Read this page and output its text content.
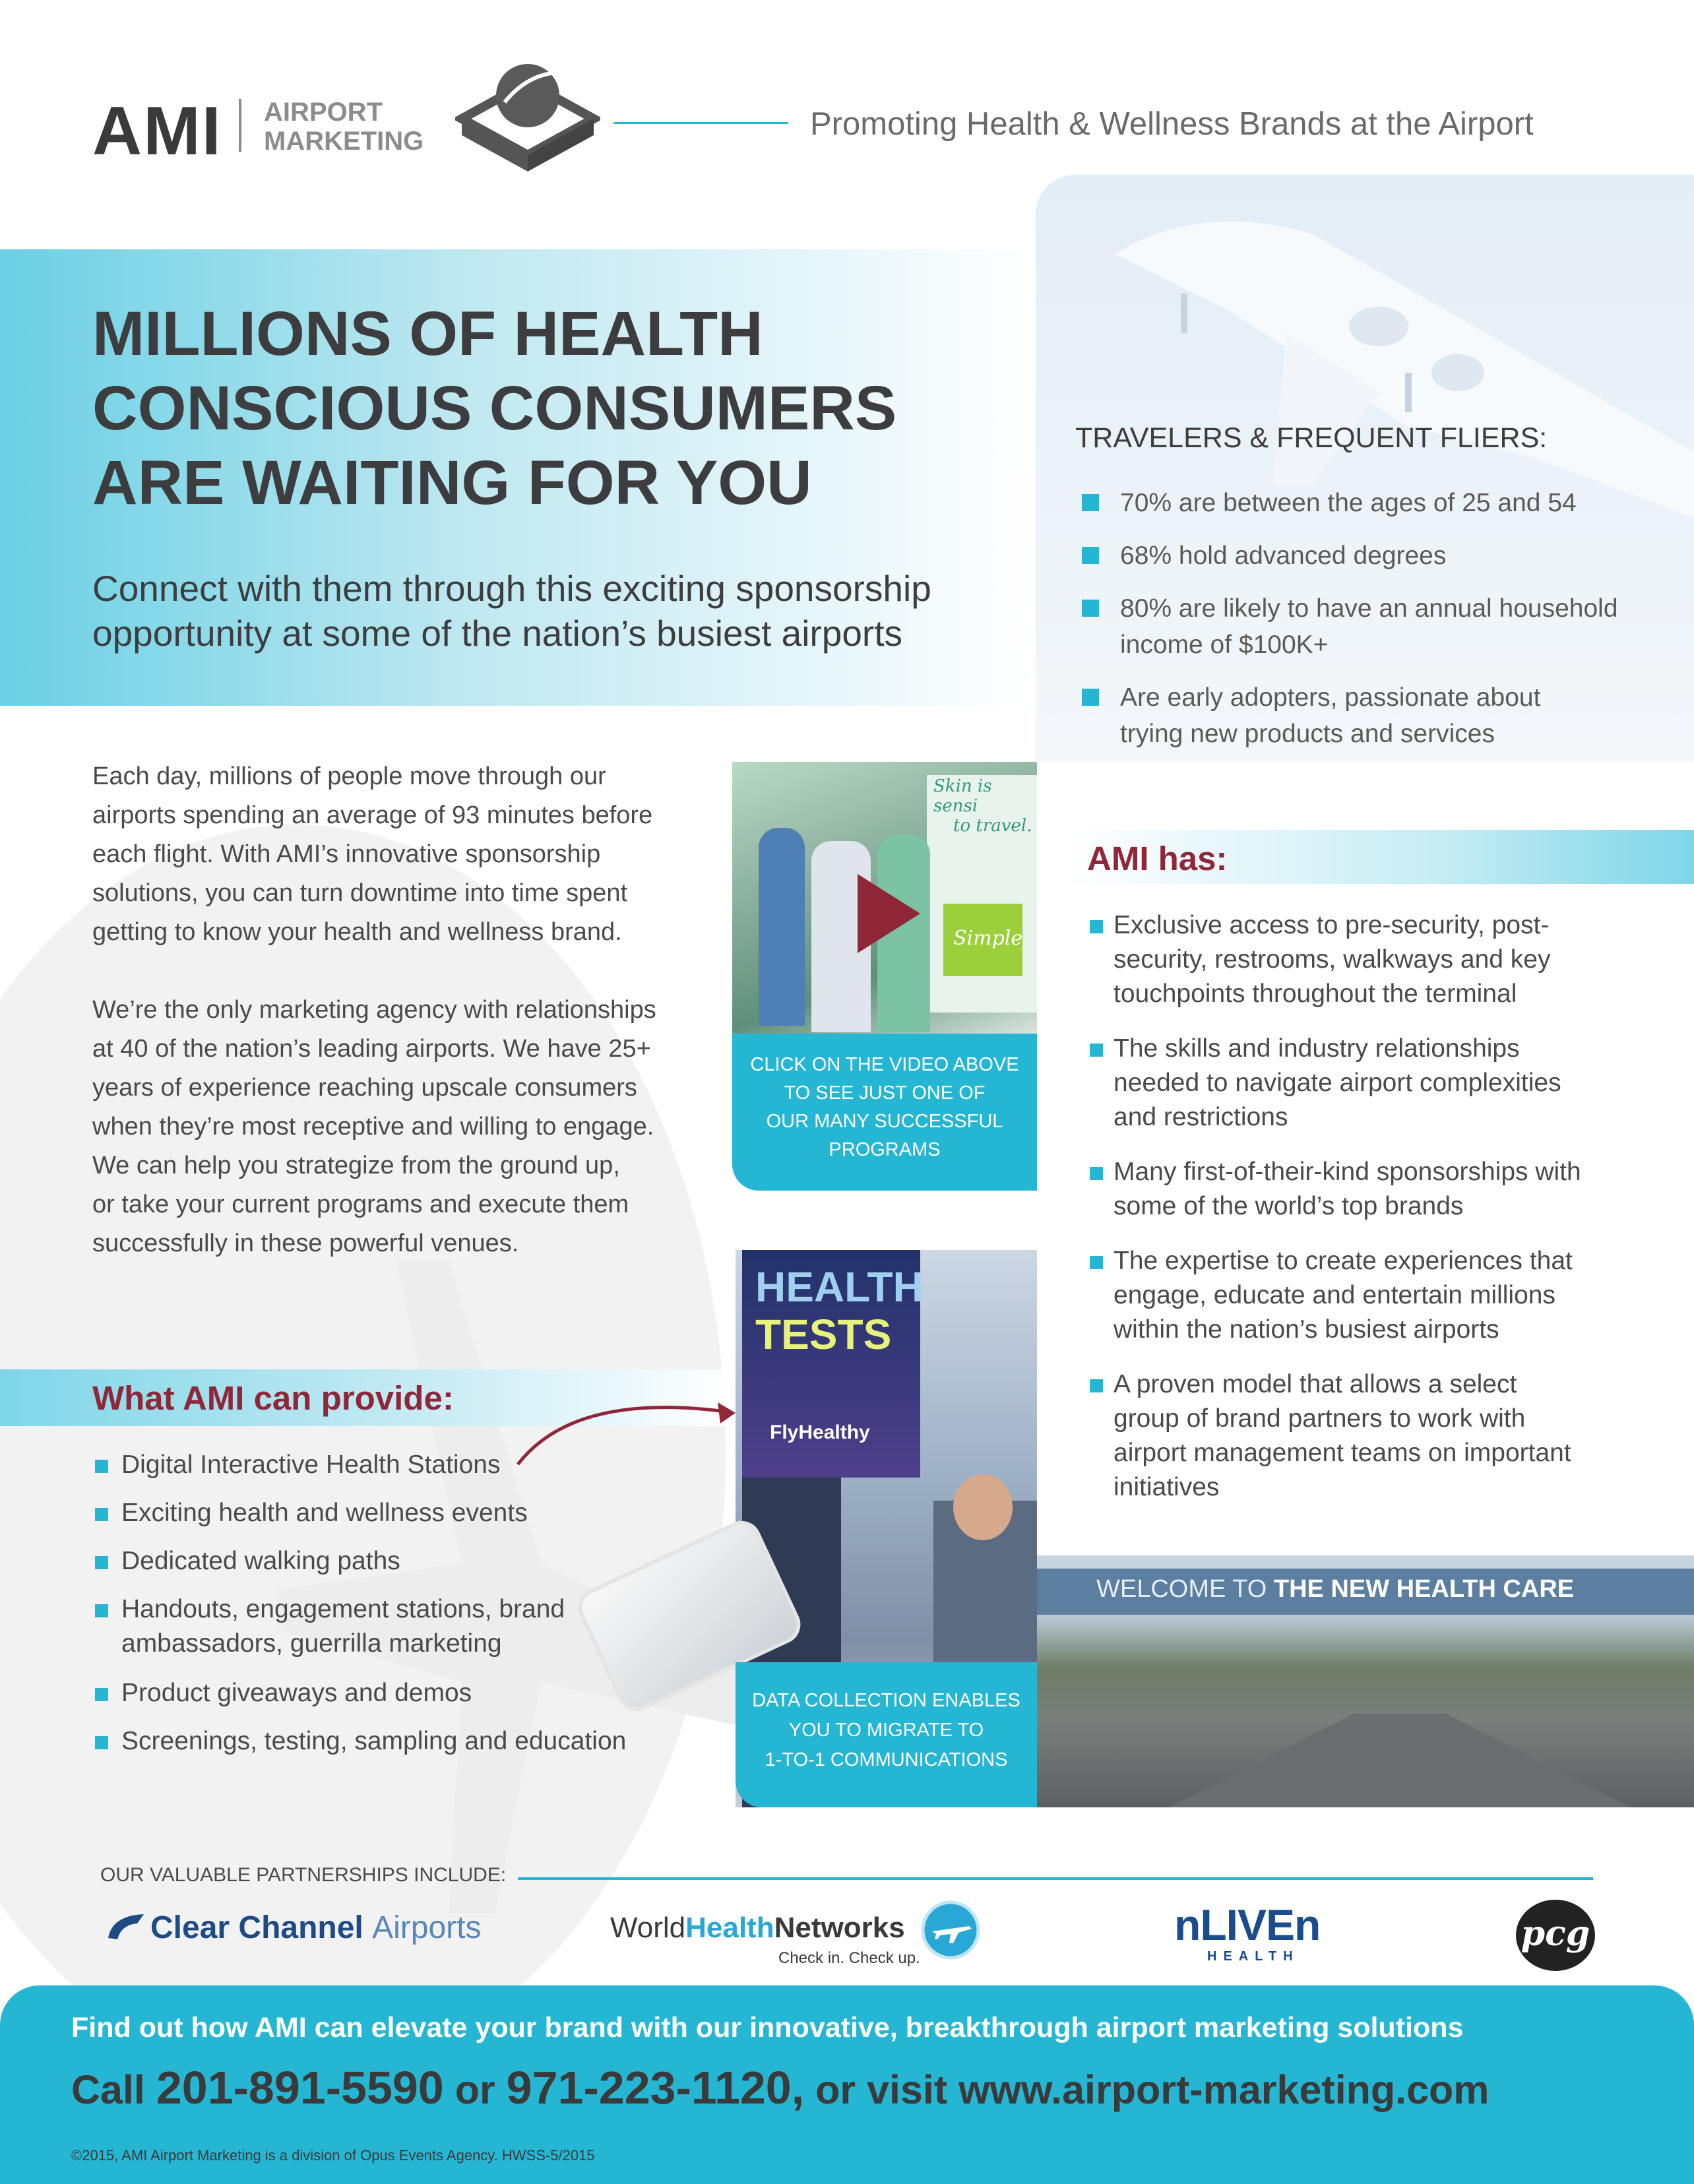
AMI AIRPORT
MARKETING	Promoting Health & Wellness Brands at the Airport
TRAVELERS & FREQUENT FLIERS:
70% are between the ages of 25 and 54
68% hold advanced degrees
80% are likely to have an annual household
income of $100K+
Are early adopters, passionate about
trying new products and services
MILLIONS OF HEALTH
CONSCIOUS CONSUMERS
ARE WAITING FOR YOU
Connect with them through this exciting sponsorship
opportunity at some of the nation’s busiest airports
Each day, millions of people move through our
airports spending an average of 93 minutes before
each flight. With AMI’s innovative sponsorship
solutions, you can turn downtime into time spent
getting to know your health and wellness brand.
We’re the only marketing agency with relationships
at 40 of the nation’s leading airports. We have 25+
years of experience reaching upscale consumers
when they’re most receptive and willing to engage.
We can help you strategize from the ground up,
or take your current programs and execute them
successfully in these powerful venues.
Skin is sensi
to travel.
Simple
CLICK ON THE VIDEO ABOVE
TO SEE JUST ONE OF
OUR MANY SUCCESSFUL
PROGRAMS
AMI has:
Exclusive access to pre-security, post-
security, restrooms, walkways and key
touchpoints throughout the terminal
The skills and industry relationships
needed to navigate airport complexities
and restrictions
Many first-of-their-kind sponsorships with
some of the world’s top brands
The expertise to create experiences that
engage, educate and entertain millions
within the nation’s busiest airports
A proven model that allows a select
group of brand partners to work with
airport management teams on important
initiatives
HEALTH
TESTS
FlyHealthy
DATA COLLECTION ENABLES
YOU TO MIGRATE TO
1-TO-1 COMMUNICATIONS
WELCOME TO THE NEW HEALTH CARE
What AMI can provide:
Digital Interactive Health Stations
Exciting health and wellness events
Dedicated walking paths
Handouts, engagement stations, brand
ambassadors, guerrilla marketing
Product giveaways and demos
Screenings, testing, sampling and education
OUR VALUABLE PARTNERSHIPS INCLUDE:
Clear Channel Airports	WorldHealthNetworks
Check in. Check up.
nLIVEn
HEALTH
pcg
Find out how AMI can elevate your brand with our innovative, breakthrough airport marketing solutions
Call 201-891-5590 or 971-223-1120, or visit www.airport-marketing.com
©2015, AMI Airport Marketing is a division of Opus Events Agency. HWSS-5/2015
